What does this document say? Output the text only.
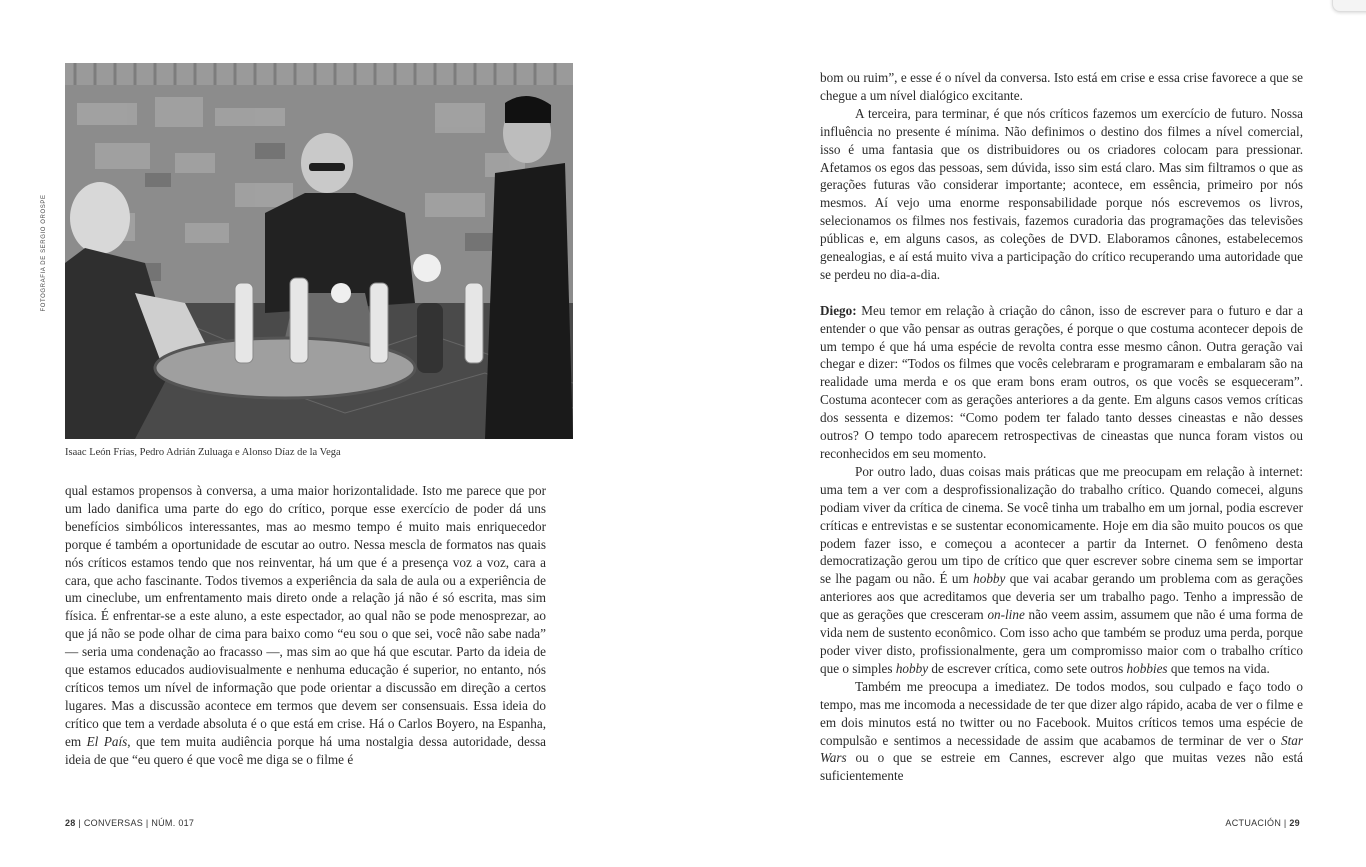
FOTOGRAFIA DE SERGIO OROSPE
Isaac León Frías, Pedro Adrián Zuluaga e Alonso Díaz de la Vega

qual estamos propensos à conversa, a uma maior horizontalidade. Isto me parece que por um lado danifica uma parte do ego do crítico, porque esse exercício de poder dá uns benefícios simbólicos interessantes, mas ao mesmo tempo é muito mais enriquecedor porque é também a oportunidade de escutar ao outro. Nessa mescla de formatos nas quais nós críticos estamos tendo que nos reinventar, há um que é a presença voz a voz, cara a cara, que acho fascinante. Todos tivemos a experiência da sala de aula ou a experiência de um cineclube, um enfrentamento mais direto onde a relação já não é só escrita, mas sim física. É enfrentar-se a este aluno, a este espectador, ao qual não se pode menosprezar, ao que já não se pode olhar de cima para baixo como “eu sou o que sei, você não sabe nada” — seria uma condenação ao fracasso —, mas sim ao que há que escutar. Parto da ideia de que estamos educados audiovisualmente e nenhuma educação é superior, no entanto, nós críticos temos um nível de informação que pode orientar a discussão em direção a certos lugares. Mas a discussão acontece em termos que devem ser consensuais. Essa ideia do crítico que tem a verdade absoluta é o que está em crise. Há o Carlos Boyero, na Espanha, em El País, que tem muita audiência porque há uma nostalgia dessa autoridade, dessa ideia de que “eu quero é que você me diga se o filme é

28 | CONVERSAS | NÚM. 017

bom ou ruim”, e esse é o nível da conversa. Isto está em crise e essa crise favorece a que se chegue a um nível dialógico excitante.

A terceira, para terminar, é que nós críticos fazemos um exercício de futuro. Nossa influência no presente é mínima. Não definimos o destino dos filmes a nível comercial, isso é uma fantasia que os distribuidores ou os criadores colocam para pressionar. Afetamos os egos das pessoas, sem dúvida, isso sim está claro. Mas sim filtramos o que as gerações futuras vão considerar importante; acontece, em essência, primeiro por nós mesmos. Aí vejo uma enorme responsabilidade porque nós escrevemos os livros, selecionamos os filmes nos festivais, fazemos curadoria das programações das televisões públicas e, em alguns casos, as coleções de DVD. Elaboramos cânones, estabelecemos genealogias, e aí está muito viva a participação do crítico recuperando uma autoridade que se perdeu no dia-a-dia.

Diego: Meu temor em relação à criação do cânon, isso de escrever para o futuro e dar a entender o que vão pensar as outras gerações, é porque o que costuma acontecer depois de um tempo é que há uma espécie de revolta contra esse mesmo cânon. Outra geração vai chegar e dizer: “Todos os filmes que vocês celebraram e programaram e embalaram são na realidade uma merda e os que eram bons eram outros, os que vocês se esqueceram”. Costuma acontecer com as gerações anteriores a da gente. Em alguns casos vemos críticas dos sessenta e dizemos: “Como podem ter falado tanto desses cineastas e não desses outros? O tempo todo aparecem retrospectivas de cineastas que nunca foram vistos ou reconhecidos em seu momento.

Por outro lado, duas coisas mais práticas que me preocupam em relação à internet: uma tem a ver com a desprofissionalização do trabalho crítico. Quando comecei, alguns podiam viver da crítica de cinema. Se você tinha um trabalho em um jornal, podia escrever críticas e entrevistas e se sustentar economicamente. Hoje em dia são muito poucos os que podem fazer isso, e começou a acontecer a partir da Internet. O fenômeno desta democratização gerou um tipo de crítico que quer escrever sobre cinema sem se importar se lhe pagam ou não. É um hobby que vai acabar gerando um problema com as gerações anteriores aos que acreditamos que deveria ser um trabalho pago. Tenho a impressão de que as gerações que cresceram on-line não veem assim, assumem que não é uma forma de vida nem de sustento econômico. Com isso acho que também se produz uma perda, porque poder viver disto, profissionalmente, gera um compromisso maior com o trabalho crítico que o simples hobby de escrever crítica, como sete outros hobbies que temos na vida.

Também me preocupa a imediatez. De todos modos, sou culpado e faço todo o tempo, mas me incomoda a necessidade de ter que dizer algo rápido, acaba de ver o filme e em dois minutos está no twitter ou no Facebook. Muitos críticos temos uma espécie de compulsão e sentimos a necessidade de assim que acabamos de terminar de ver o Star Wars ou o que se estreie em Cannes, escrever algo que muitas vezes não está suficientemente

ACTUACIÓN | 29
